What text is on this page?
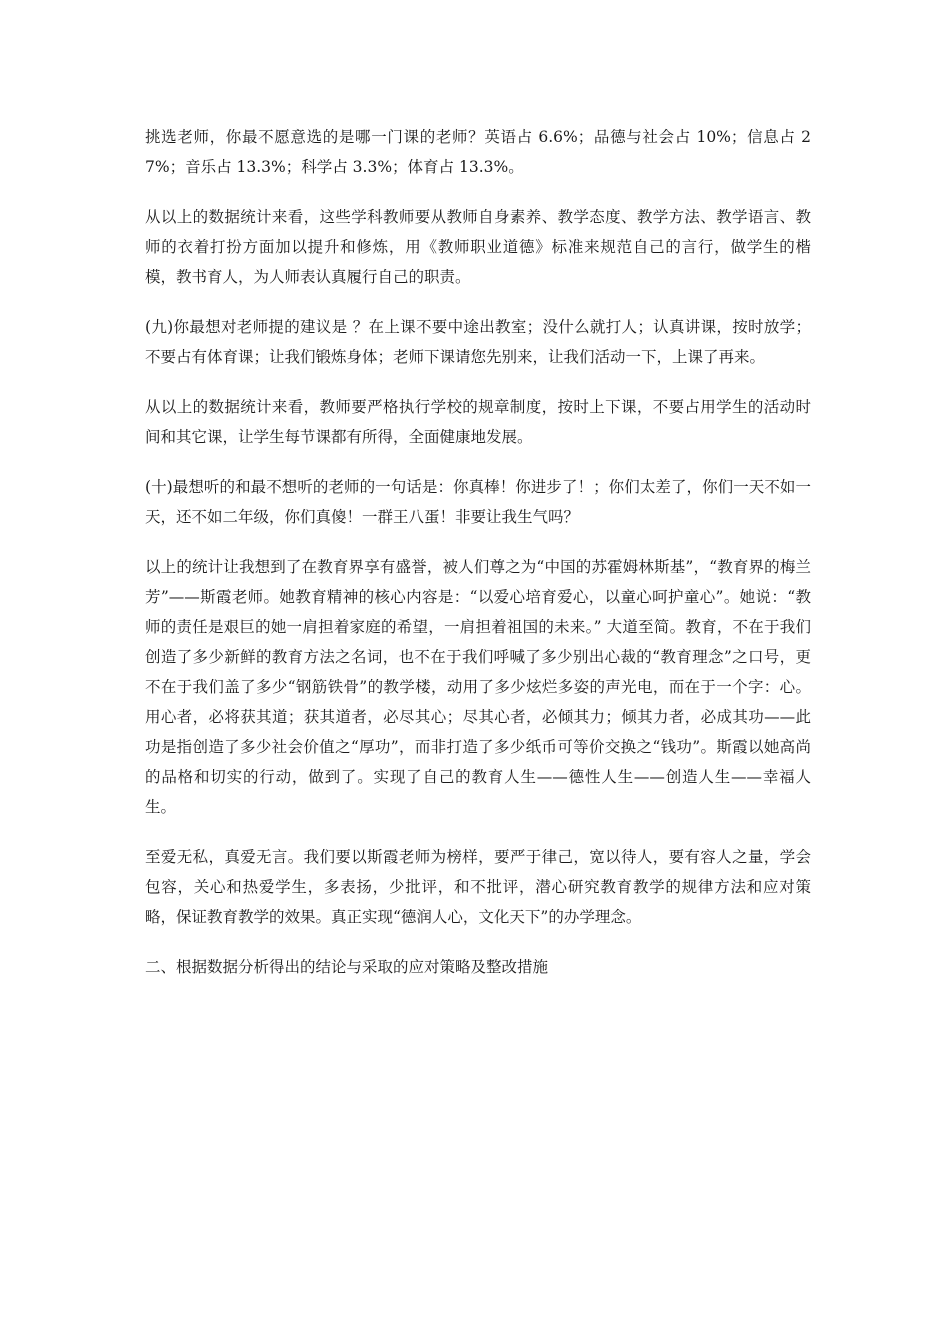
挑选老师，你最不愿意选的是哪一门课的老师？英语占 6.6%；品德与社会占 10%；信息占 27%；音乐占 13.3%；科学占 3.3%；体育占 13.3%。

从以上的数据统计来看，这些学科教师要从教师自身素养、教学态度、教学方法、教学语言、教师的衣着打扮方面加以提升和修炼，用《教师职业道德》标准来规范自己的言行，做学生的楷模，教书育人，为人师表认真履行自己的职责。

(九)你最想对老师提的建议是 ？在上课不要中途出教室；没什么就打人；认真讲课，按时放学；不要占有体育课；让我们锻炼身体；老师下课请您先别来，让我们活动一下，上课了再来。

从以上的数据统计来看，教师要严格执行学校的规章制度，按时上下课，不要占用学生的活动时间和其它课，让学生每节课都有所得，全面健康地发展。

(十)最想听的和最不想听的老师的一句话是：你真棒！你进步了！；你们太差了，你们一天不如一天，还不如二年级，你们真傻！一群王八蛋！非要让我生气吗？

以上的统计让我想到了在教育界享有盛誉，被人们尊之为“中国的苏霍姆林斯基”，“教育界的梅兰芳”——斯霞老师。她教育精神的核心内容是：“以爱心培育爱心，以童心呵护童心”。她说：“教师的责任是艰巨的她一肩担着家庭的希望，一肩担着祖国的未来。” 大道至简。教育，不在于我们创造了多少新鲜的教育方法之名词，也不在于我们呼喊了多少别出心裁的“教育理念”之口号，更不在于我们盖了多少“钢筋铁骨”的教学楼，动用了多少炫烂多姿的声光电，而在于一个字：心。用心者，必将获其道；获其道者，必尽其心；尽其心者，必倾其力；倾其力者，必成其功——此功是指创造了多少社会价值之“厚功”，而非打造了多少纸币可等价交换之“钱功”。斯霞以她高尚的品格和切实的行动，做到了。实现了自己的教育人生——德性人生——创造人生——幸福人生。

至爱无私，真爱无言。我们要以斯霞老师为榜样，要严于律己，宽以待人，要有容人之量，学会包容，关心和热爱学生，多表扬，少批评，和不批评，潜心研究教育教学的规律方法和应对策略，保证教育教学的效果。真正实现“德润人心，文化天下”的办学理念。

二、根据数据分析得出的结论与采取的应对策略及整改措施
